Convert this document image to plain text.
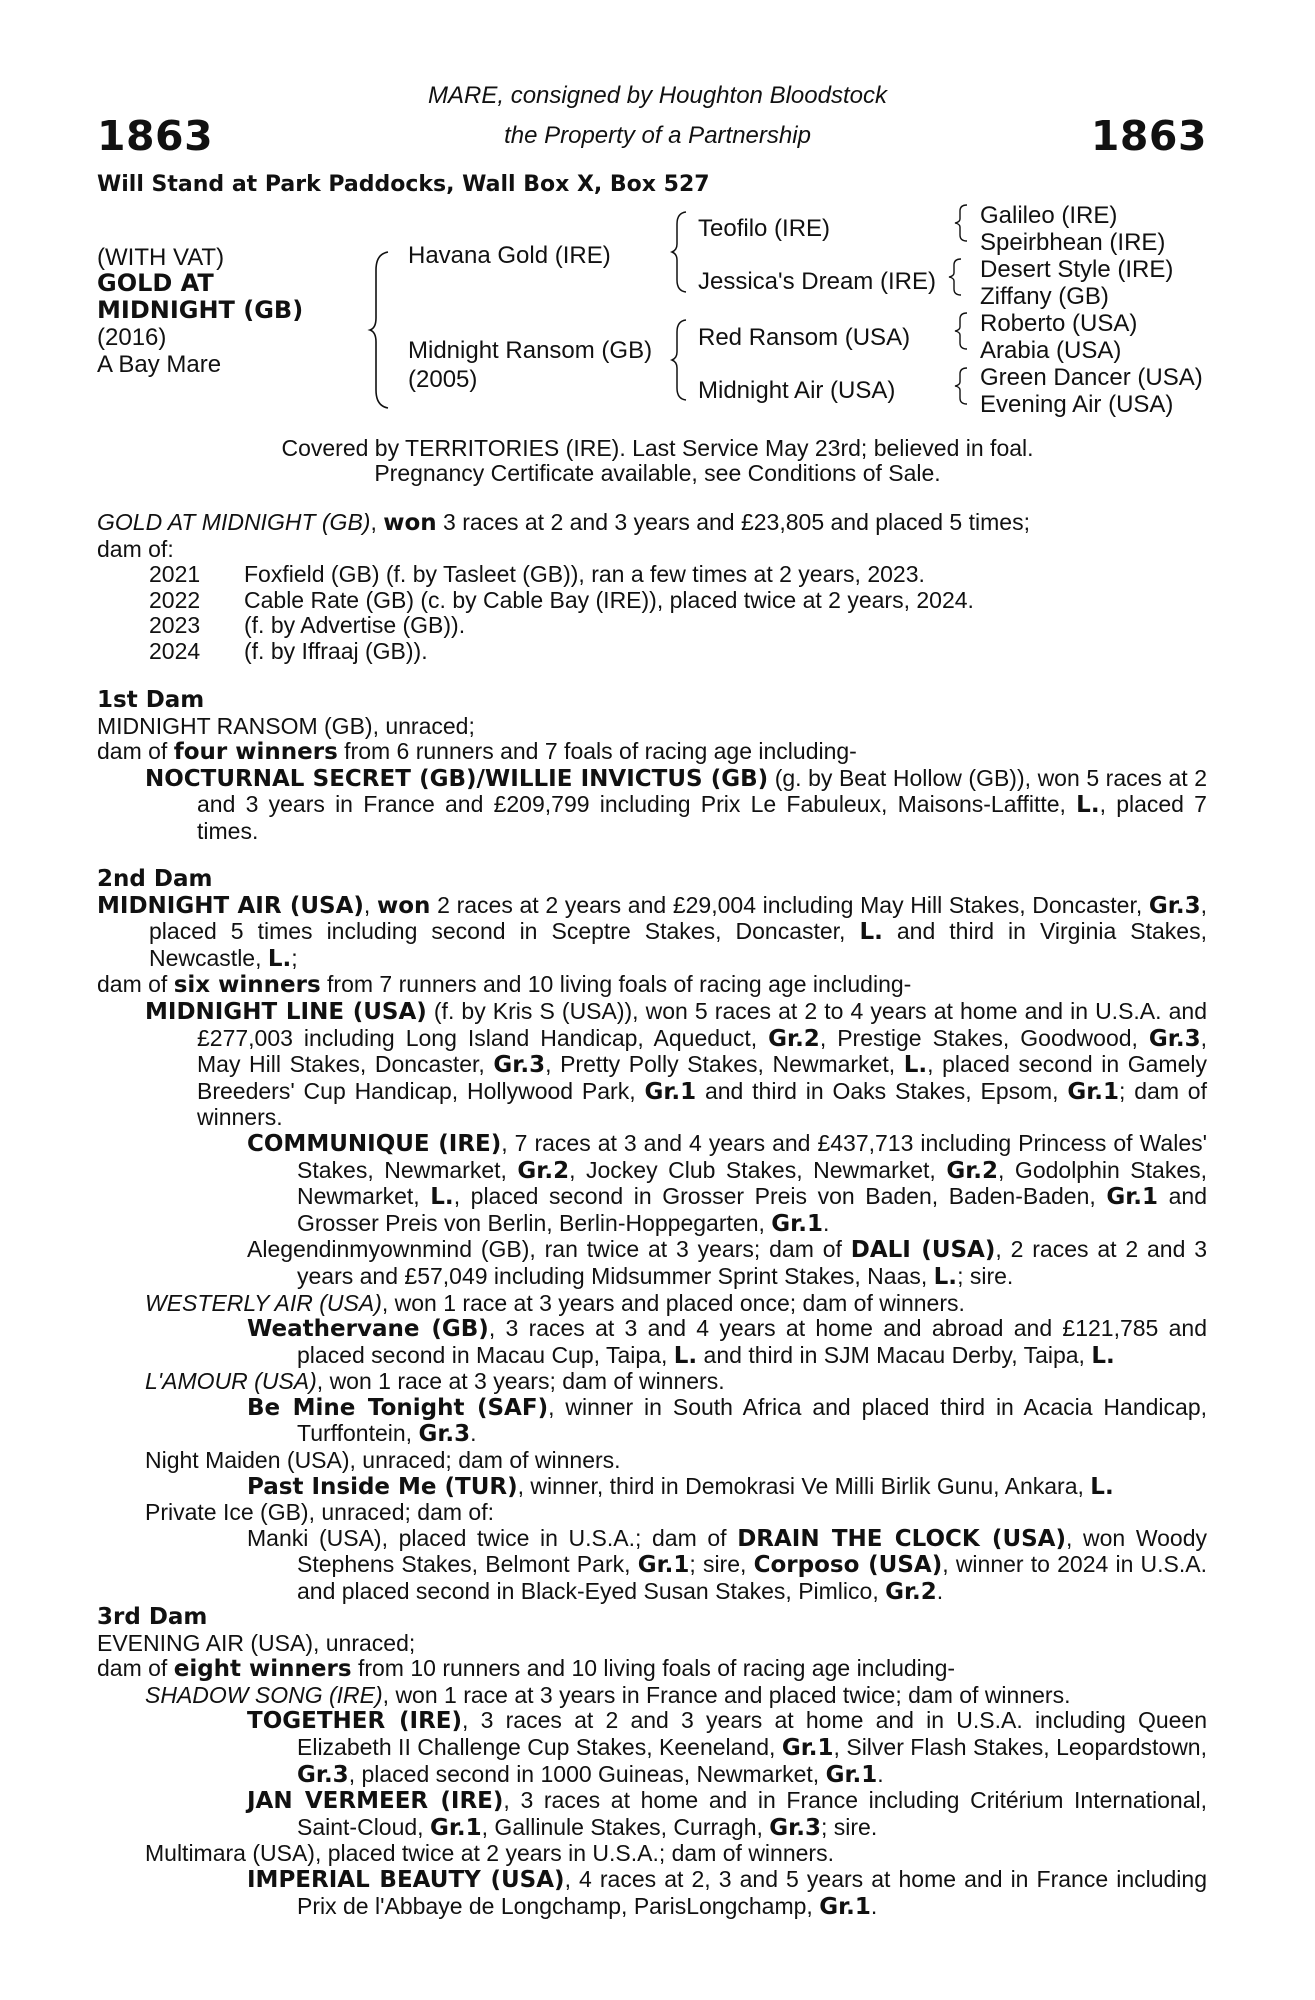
1863	1863
MARE, consigned by Houghton Bloodstock
the Property of a Partnership
Will Stand at Park Paddocks, Wall Box X, Box 527
(WITH VAT)
GOLD AT
MIDNIGHT (GB)
(2016)
A Bay Mare
Havana Gold (IRE)
Midnight Ransom (GB)
(2005)
Teofilo (IRE)
Jessica's Dream (IRE)
Red Ransom (USA)
Midnight Air (USA)
Galileo (IRE)
Speirbhean (IRE)
Desert Style (IRE)
Ziffany (GB)
Roberto (USA)
Arabia (USA)
Green Dancer (USA)
Evening Air (USA)
Covered by TERRITORIES (IRE). Last Service May 23rd; believed in foal.
Pregnancy Certificate available, see Conditions of Sale.

GOLD AT MIDNIGHT (GB), won 3 races at 2 and 3 years and £23,805 and placed 5 times;

dam of:

2021 Foxfield (GB) (f. by Tasleet (GB)), ran a few times at 2 years, 2023.

2022 Cable Rate (GB) (c. by Cable Bay (IRE)), placed twice at 2 years, 2024.

2023 (f. by Advertise (GB)).

2024 (f. by Iffraaj (GB)).

1st Dam

MIDNIGHT RANSOM (GB), unraced;

dam of four winners from 6 runners and 7 foals of racing age including-

NOCTURNAL SECRET (GB)/WILLIE INVICTUS (GB) (g. by Beat Hollow (GB)), won 5 races at 2 and 3 years in France and £209,799 including Prix Le Fabuleux, Maisons-Laffitte, L., placed 7 times.

2nd Dam

MIDNIGHT AIR (USA), won 2 races at 2 years and £29,004 including May Hill Stakes, Doncaster, Gr.3, placed 5 times including second in Sceptre Stakes, Doncaster, L. and third in Virginia Stakes, Newcastle, L.;

dam of six winners from 7 runners and 10 living foals of racing age including-

MIDNIGHT LINE (USA) (f. by Kris S (USA)), won 5 races at 2 to 4 years at home and in U.S.A. and £277,003 including Long Island Handicap, Aqueduct, Gr.2, Prestige Stakes, Goodwood, Gr.3, May Hill Stakes, Doncaster, Gr.3, Pretty Polly Stakes, Newmarket, L., placed second in Gamely Breeders' Cup Handicap, Hollywood Park, Gr.1 and third in Oaks Stakes, Epsom, Gr.1; dam of winners.

COMMUNIQUE (IRE), 7 races at 3 and 4 years and £437,713 including Princess of Wales' Stakes, Newmarket, Gr.2, Jockey Club Stakes, Newmarket, Gr.2, Godolphin Stakes, Newmarket, L., placed second in Grosser Preis von Baden, Baden-Baden, Gr.1 and Grosser Preis von Berlin, Berlin-Hoppegarten, Gr.1.

Alegendinmyownmind (GB), ran twice at 3 years; dam of DALI (USA), 2 races at 2 and 3 years and £57,049 including Midsummer Sprint Stakes, Naas, L.; sire.

WESTERLY AIR (USA), won 1 race at 3 years and placed once; dam of winners.

Weathervane (GB), 3 races at 3 and 4 years at home and abroad and £121,785 and placed second in Macau Cup, Taipa, L. and third in SJM Macau Derby, Taipa, L.

L'AMOUR (USA), won 1 race at 3 years; dam of winners.

Be Mine Tonight (SAF), winner in South Africa and placed third in Acacia Handicap, Turffontein, Gr.3.

Night Maiden (USA), unraced; dam of winners.

Past Inside Me (TUR), winner, third in Demokrasi Ve Milli Birlik Gunu, Ankara, L.

Private Ice (GB), unraced; dam of:

Manki (USA), placed twice in U.S.A.; dam of DRAIN THE CLOCK (USA), won Woody Stephens Stakes, Belmont Park, Gr.1; sire, Corposo (USA), winner to 2024 in U.S.A. and placed second in Black-Eyed Susan Stakes, Pimlico, Gr.2.

3rd Dam

EVENING AIR (USA), unraced;

dam of eight winners from 10 runners and 10 living foals of racing age including-

SHADOW SONG (IRE), won 1 race at 3 years in France and placed twice; dam of winners.

TOGETHER (IRE), 3 races at 2 and 3 years at home and in U.S.A. including Queen Elizabeth II Challenge Cup Stakes, Keeneland, Gr.1, Silver Flash Stakes, Leopardstown, Gr.3, placed second in 1000 Guineas, Newmarket, Gr.1.

JAN VERMEER (IRE), 3 races at home and in France including Critérium International, Saint-Cloud, Gr.1, Gallinule Stakes, Curragh, Gr.3; sire.

Multimara (USA), placed twice at 2 years in U.S.A.; dam of winners.

IMPERIAL BEAUTY (USA), 4 races at 2, 3 and 5 years at home and in France including Prix de l'Abbaye de Longchamp, ParisLongchamp, Gr.1.
